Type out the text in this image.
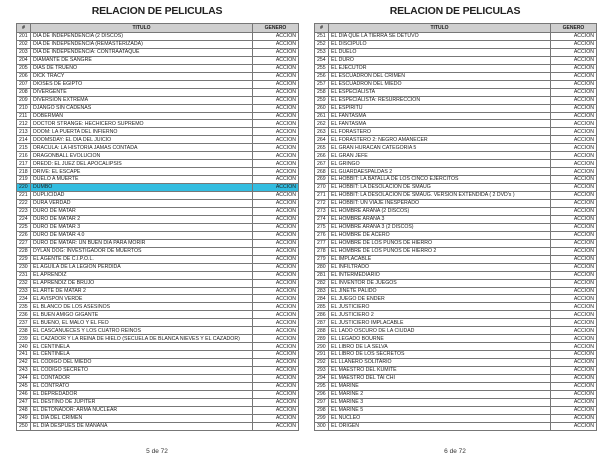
RELACION DE PELICULAS
#	TITULO	GENERO
201	DIA DE INDEPENDENCIA (2 DISCOS)	ACCION
202	DIA DE INDEPENDENCIA (REMASTERIZADA)	ACCION
203	DIA DE INDEPENDENCIA: CONTRAATAQUE	ACCION
204	DIAMANTE DE SANGRE	ACCION
205	DIAS DE TRUENO	ACCION
206	DICK TRACY	ACCION
207	DIOSES DE EGIPTO	ACCION
208	DIVERGENTE	ACCION
209	DIVERSION EXTREMA	ACCION
210	DJANGO SIN CADENAS	ACCION
211	DOBERMAN	ACCION
212	DOCTOR STRANGE: HECHICERO SUPREMO	ACCION
213	DOOM: LA PUERTA DEL INFIERNO	ACCION
214	DOOMSDAY: EL DIA DEL JUICIO	ACCION
215	DRACULA: LA HISTORIA JAMAS CONTADA	ACCION
216	DRAGONBALL EVOLUCION	ACCION
217	DREDD: EL JUEZ DEL APOCALIPSIS	ACCION
218	DRIVE: EL ESCAPE	ACCION
219	DUELO A MUERTE	ACCION
220	DUMBO	ACCION
221	DUPLICIDAD	ACCION
222	DURA VERDAD	ACCION
223	DURO DE MATAR	ACCION
224	DURO DE MATAR 2	ACCION
225	DURO DE MATAR 3	ACCION
226	DURO DE MATAR 4.0	ACCION
227	DURO DE MATAR: UN BUEN DIA PARA MORIR	ACCION
228	DYLAN DOG: INVESTIGADOR DE MUERTOS	ACCION
229	EL AGENTE DE C.I.P.O.L.	ACCION
230	EL AGUILA DE LA LEGION PERDIDA	ACCION
231	EL APRENDIZ	ACCION
232	EL APRENDIZ DE BRUJO	ACCION
233	EL ARTE DE MATAR 2	ACCION
234	EL AVISPON VERDE	ACCION
235	EL BLANCO DE LOS ASESINOS	ACCION
236	EL BUEN AMIGO GIGANTE	ACCION
237	EL BUENO, EL MALO Y EL FEO	ACCION
238	EL CASCANUECES Y LOS CUATRO REINOS	ACCION
239	EL CAZADOR Y LA REINA DE HIELO (SECUELA DE BLANCA NIEVES Y EL CAZADOR)	ACCION
240	EL CENTINELA	ACCION
241	EL CENTINELA	ACCION
242	EL CODIGO DEL MIEDO	ACCION
243	EL CODIGO SECRETO	ACCION
244	EL CONTADOR	ACCION
245	EL CONTRATO	ACCION
246	EL DEPREDADOR	ACCION
247	EL DESTINO DE JUPITER	ACCION
248	EL DETONADOR: ARMA NUCLEAR	ACCION
249	EL DIA DEL CRIMEN	ACCION
250	EL DIA DESPUES DE MAÑANA	ACCION
5 de 72
RELACION DE PELICULAS
#	TITULO	GENERO
251	EL DIA QUE LA TIERRA SE DETUVO	ACCION
252	EL DISCIPULO	ACCION
253	EL DUELO	ACCION
254	EL DURO	ACCION
255	EL EJECUTOR	ACCION
256	EL ESCUADRON DEL CRIMEN	ACCION
257	EL ESCUADRON DEL MIEDO	ACCION
258	EL ESPECIALISTA	ACCION
259	EL ESPECIALISTA: RESURRECCION	ACCION
260	EL ESPIRITU	ACCION
261	EL FANTASMA	ACCION
262	EL FANTASMA	ACCION
263	EL FORASTERO	ACCION
264	EL FORASTERO 2: NEGRO AMANECER	ACCION
265	EL GRAN HURACAN CATEGORIA 5	ACCION
266	EL GRAN JEFE	ACCION
267	EL GRINGO	ACCION
268	EL GUARDAESPALDAS 2	ACCION
269	EL HOBBIT: LA BATALLA DE LOS CINCO EJERCITOS	ACCION
270	EL HOBBIT: LA DESOLACION DE SMAUG	ACCION
271	EL HOBBIT: LA DESOLACION DE SMAUG. VERSION EXTENDIDA ( 2 DVD's )	ACCION
272	EL HOBBIT: UN VIAJE INESPERADO	ACCION
273	EL HOMBRE ARAÑA (2 DISCOS)	ACCION
274	EL HOMBRE ARAÑA 3	ACCION
275	EL HOMBRE ARAÑA 3 (2 DISCOS)	ACCION
276	EL HOMBRE DE ACERO	ACCION
277	EL HOMBRE DE LOS PUÑOS DE HIERRO	ACCION
278	EL HOMBRE DE LOS PUÑOS DE HIERRO 2	ACCION
279	EL IMPLACABLE	ACCION
280	EL INFILTRADO	ACCION
281	EL INTERMEDIARIO	ACCION
282	EL INVENTOR DE JUEGOS	ACCION
283	EL JINETE PALIDO	ACCION
284	EL JUEGO DE ENDER	ACCION
285	EL JUSTICIERO	ACCION
286	EL JUSTICIERO 2	ACCION
287	EL JUSTICIERO IMPLACABLE	ACCION
288	EL LADO OSCURO DE LA CIUDAD	ACCION
289	EL LEGADO BOURNE	ACCION
290	EL LIBRO DE LA SELVA	ACCION
291	EL LIBRO DE LOS SECRETOS	ACCION
292	EL LLANERO SOLITARIO	ACCION
293	EL MAESTRO DEL KUMITE	ACCION
294	EL MAESTRO DEL TAI CHI	ACCION
295	EL MARINE	ACCION
296	EL MARINE 2	ACCION
297	EL MARINE 3	ACCION
298	EL MARINE 5	ACCION
299	EL NUCLEO	ACCION
300	EL ORIGEN	ACCION
6 de 72
